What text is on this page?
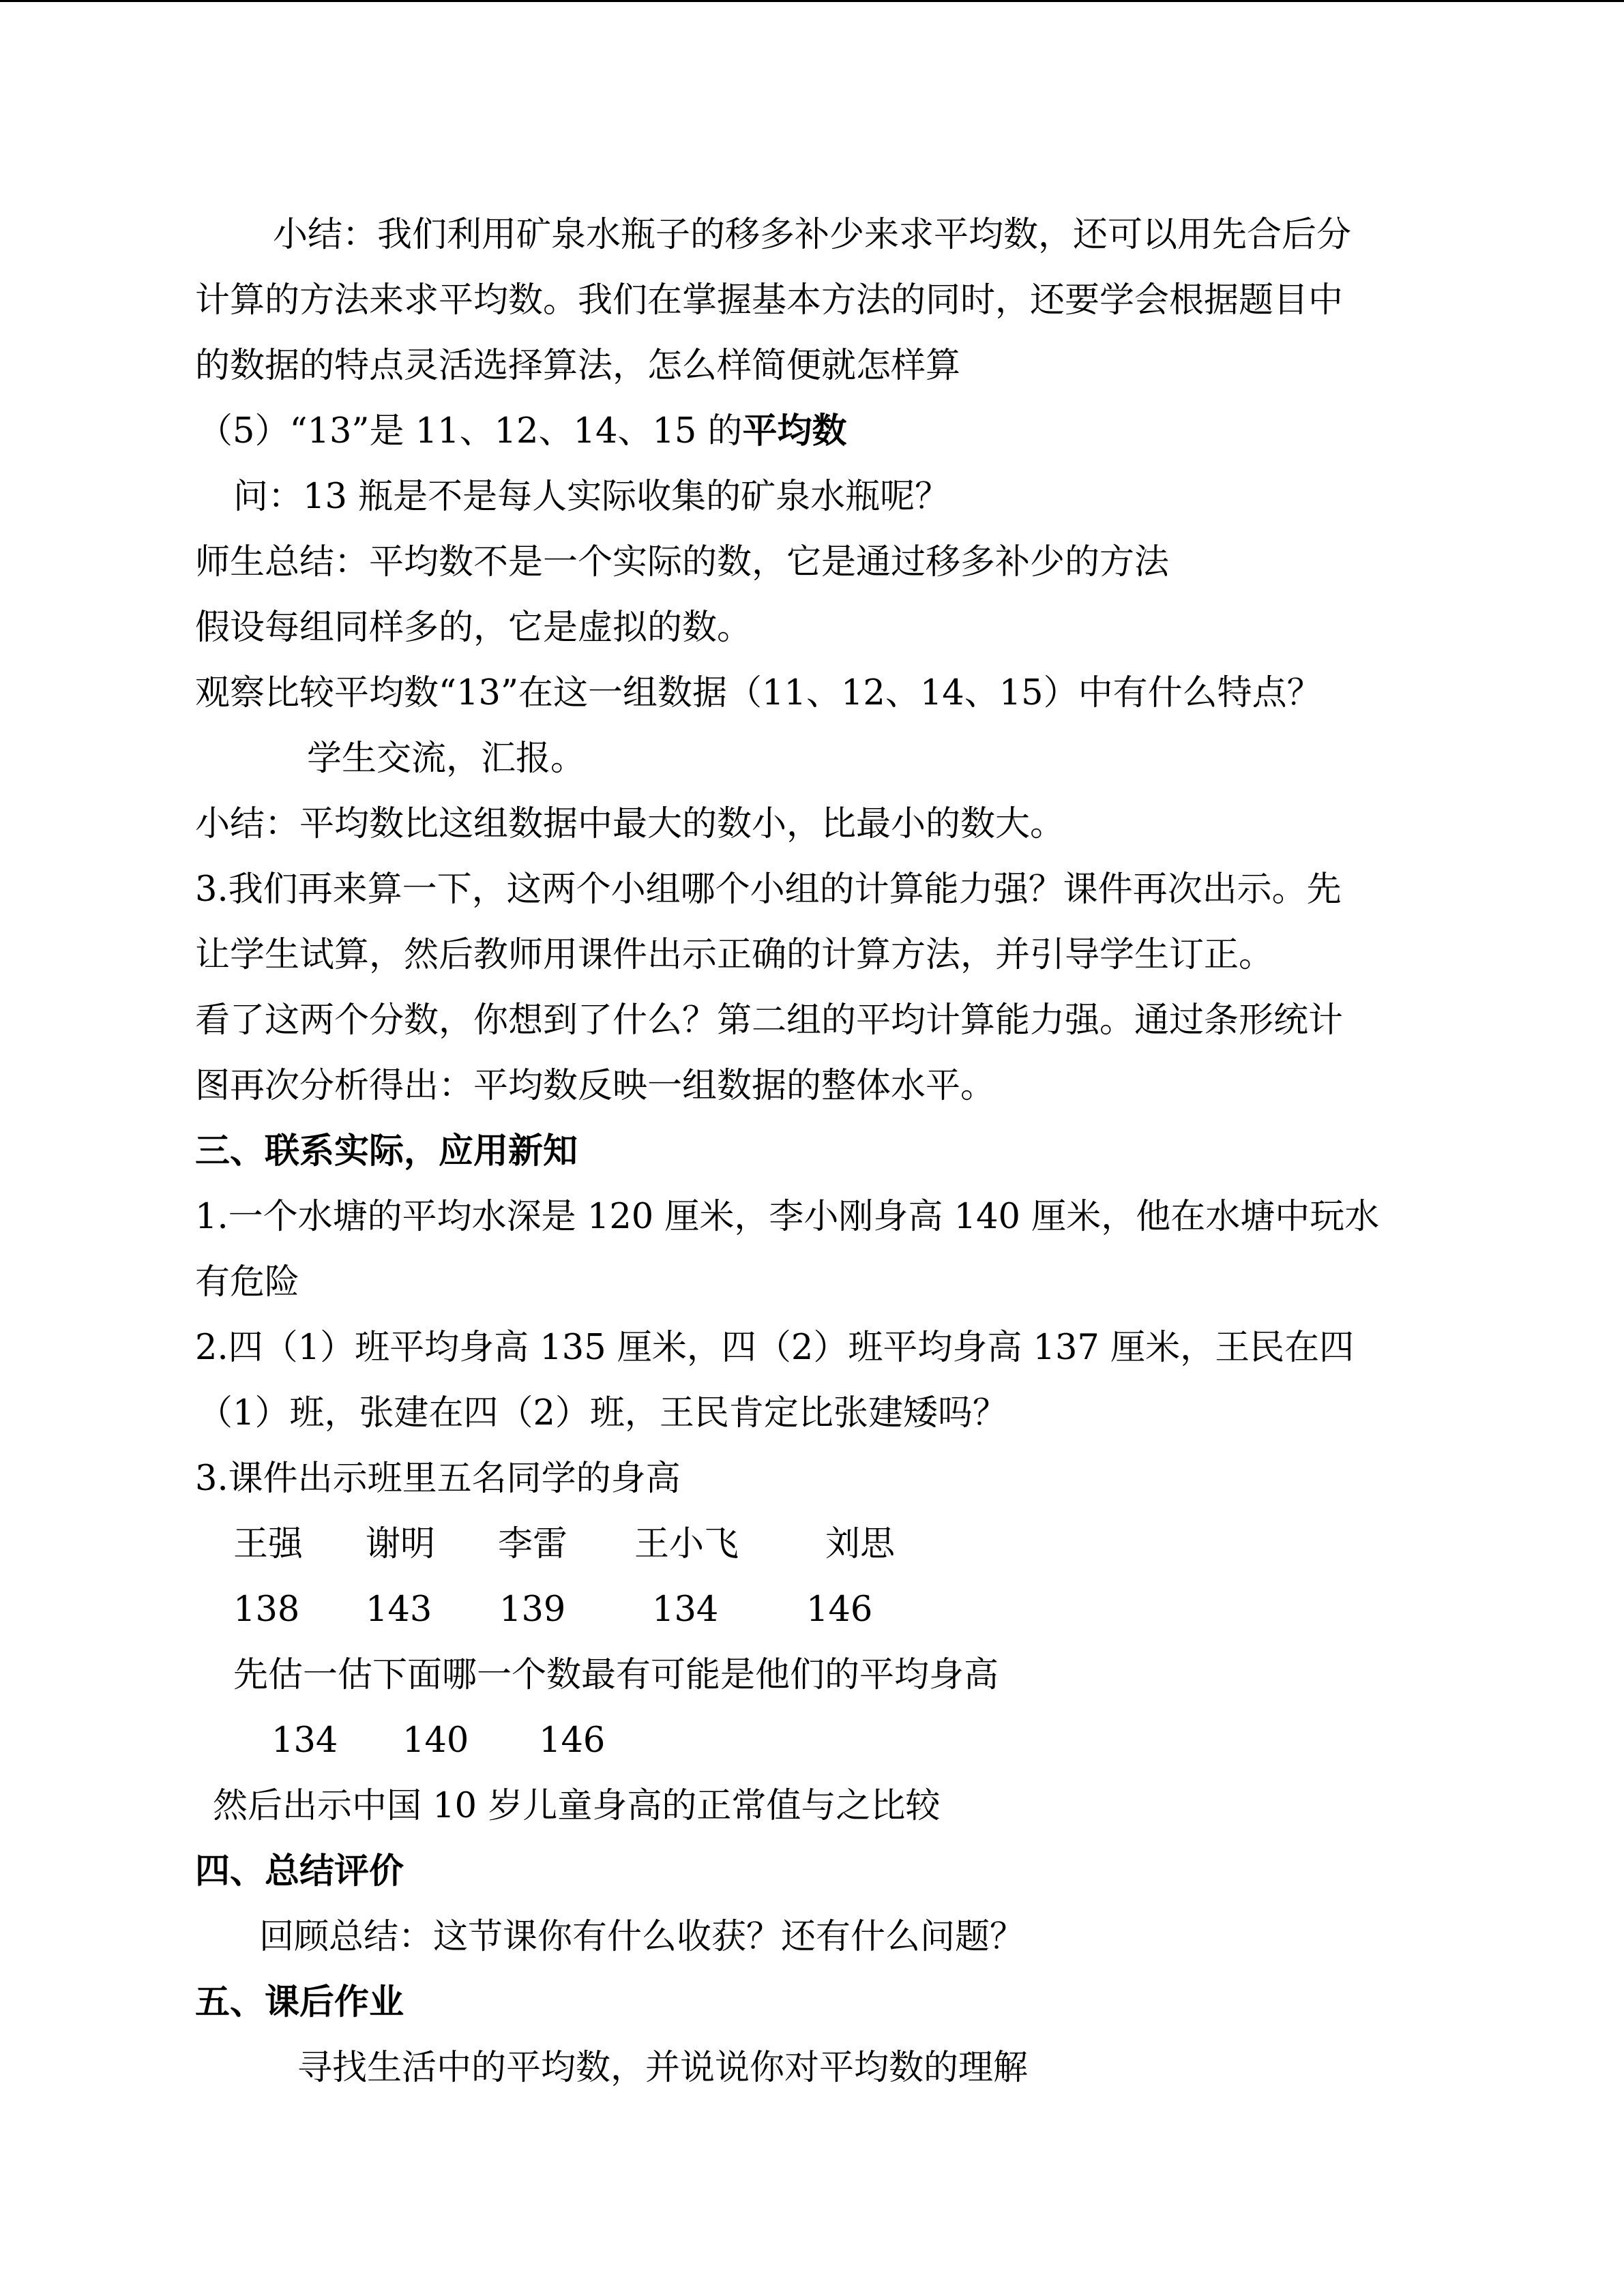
小结：我们利用矿泉水瓶子的移多补少来求平均数，还可以用先合后分
计算的方法来求平均数。我们在掌握基本方法的同时，还要学会根据题目中
的数据的特点灵活选择算法，怎么样简便就怎样算
（5）“13”是 11、12、14、15 的平均数
问：13 瓶是不是每人实际收集的矿泉水瓶呢？
师生总结：平均数不是一个实际的数，它是通过移多补少的方法
假设每组同样多的，它是虚拟的数。
观察比较平均数“13”在这一组数据（11、12、14、15）中有什么特点？
学生交流，汇报。
小结：平均数比这组数据中最大的数小，比最小的数大。
3.我们再来算一下，这两个小组哪个小组的计算能力强？课件再次出示。先
让学生试算，然后教师用课件出示正确的计算方法，并引导学生订正。
看了这两个分数，你想到了什么？第二组的平均计算能力强。通过条形统计
图再次分析得出：平均数反映一组数据的整体水平。
三、联系实际，应用新知
1.一个水塘的平均水深是 120 厘米，李小刚身高 140 厘米，他在水塘中玩水
有危险
2.四（1）班平均身高 135 厘米，四（2）班平均身高 137 厘米，王民在四
（1）班，张建在四（2）班，王民肯定比张建矮吗？
3.课件出示班里五名同学的身高
王强 谢明 李雷 王小飞 刘思
138 143 139 134	146
先估一估下面哪一个数最有可能是他们的平均身高
134 140 146
然后出示中国 10 岁儿童身高的正常值与之比较
四、总结评价
回顾总结：这节课你有什么收获？还有什么问题？
五、课后作业
寻找生活中的平均数，并说说你对平均数的理解
